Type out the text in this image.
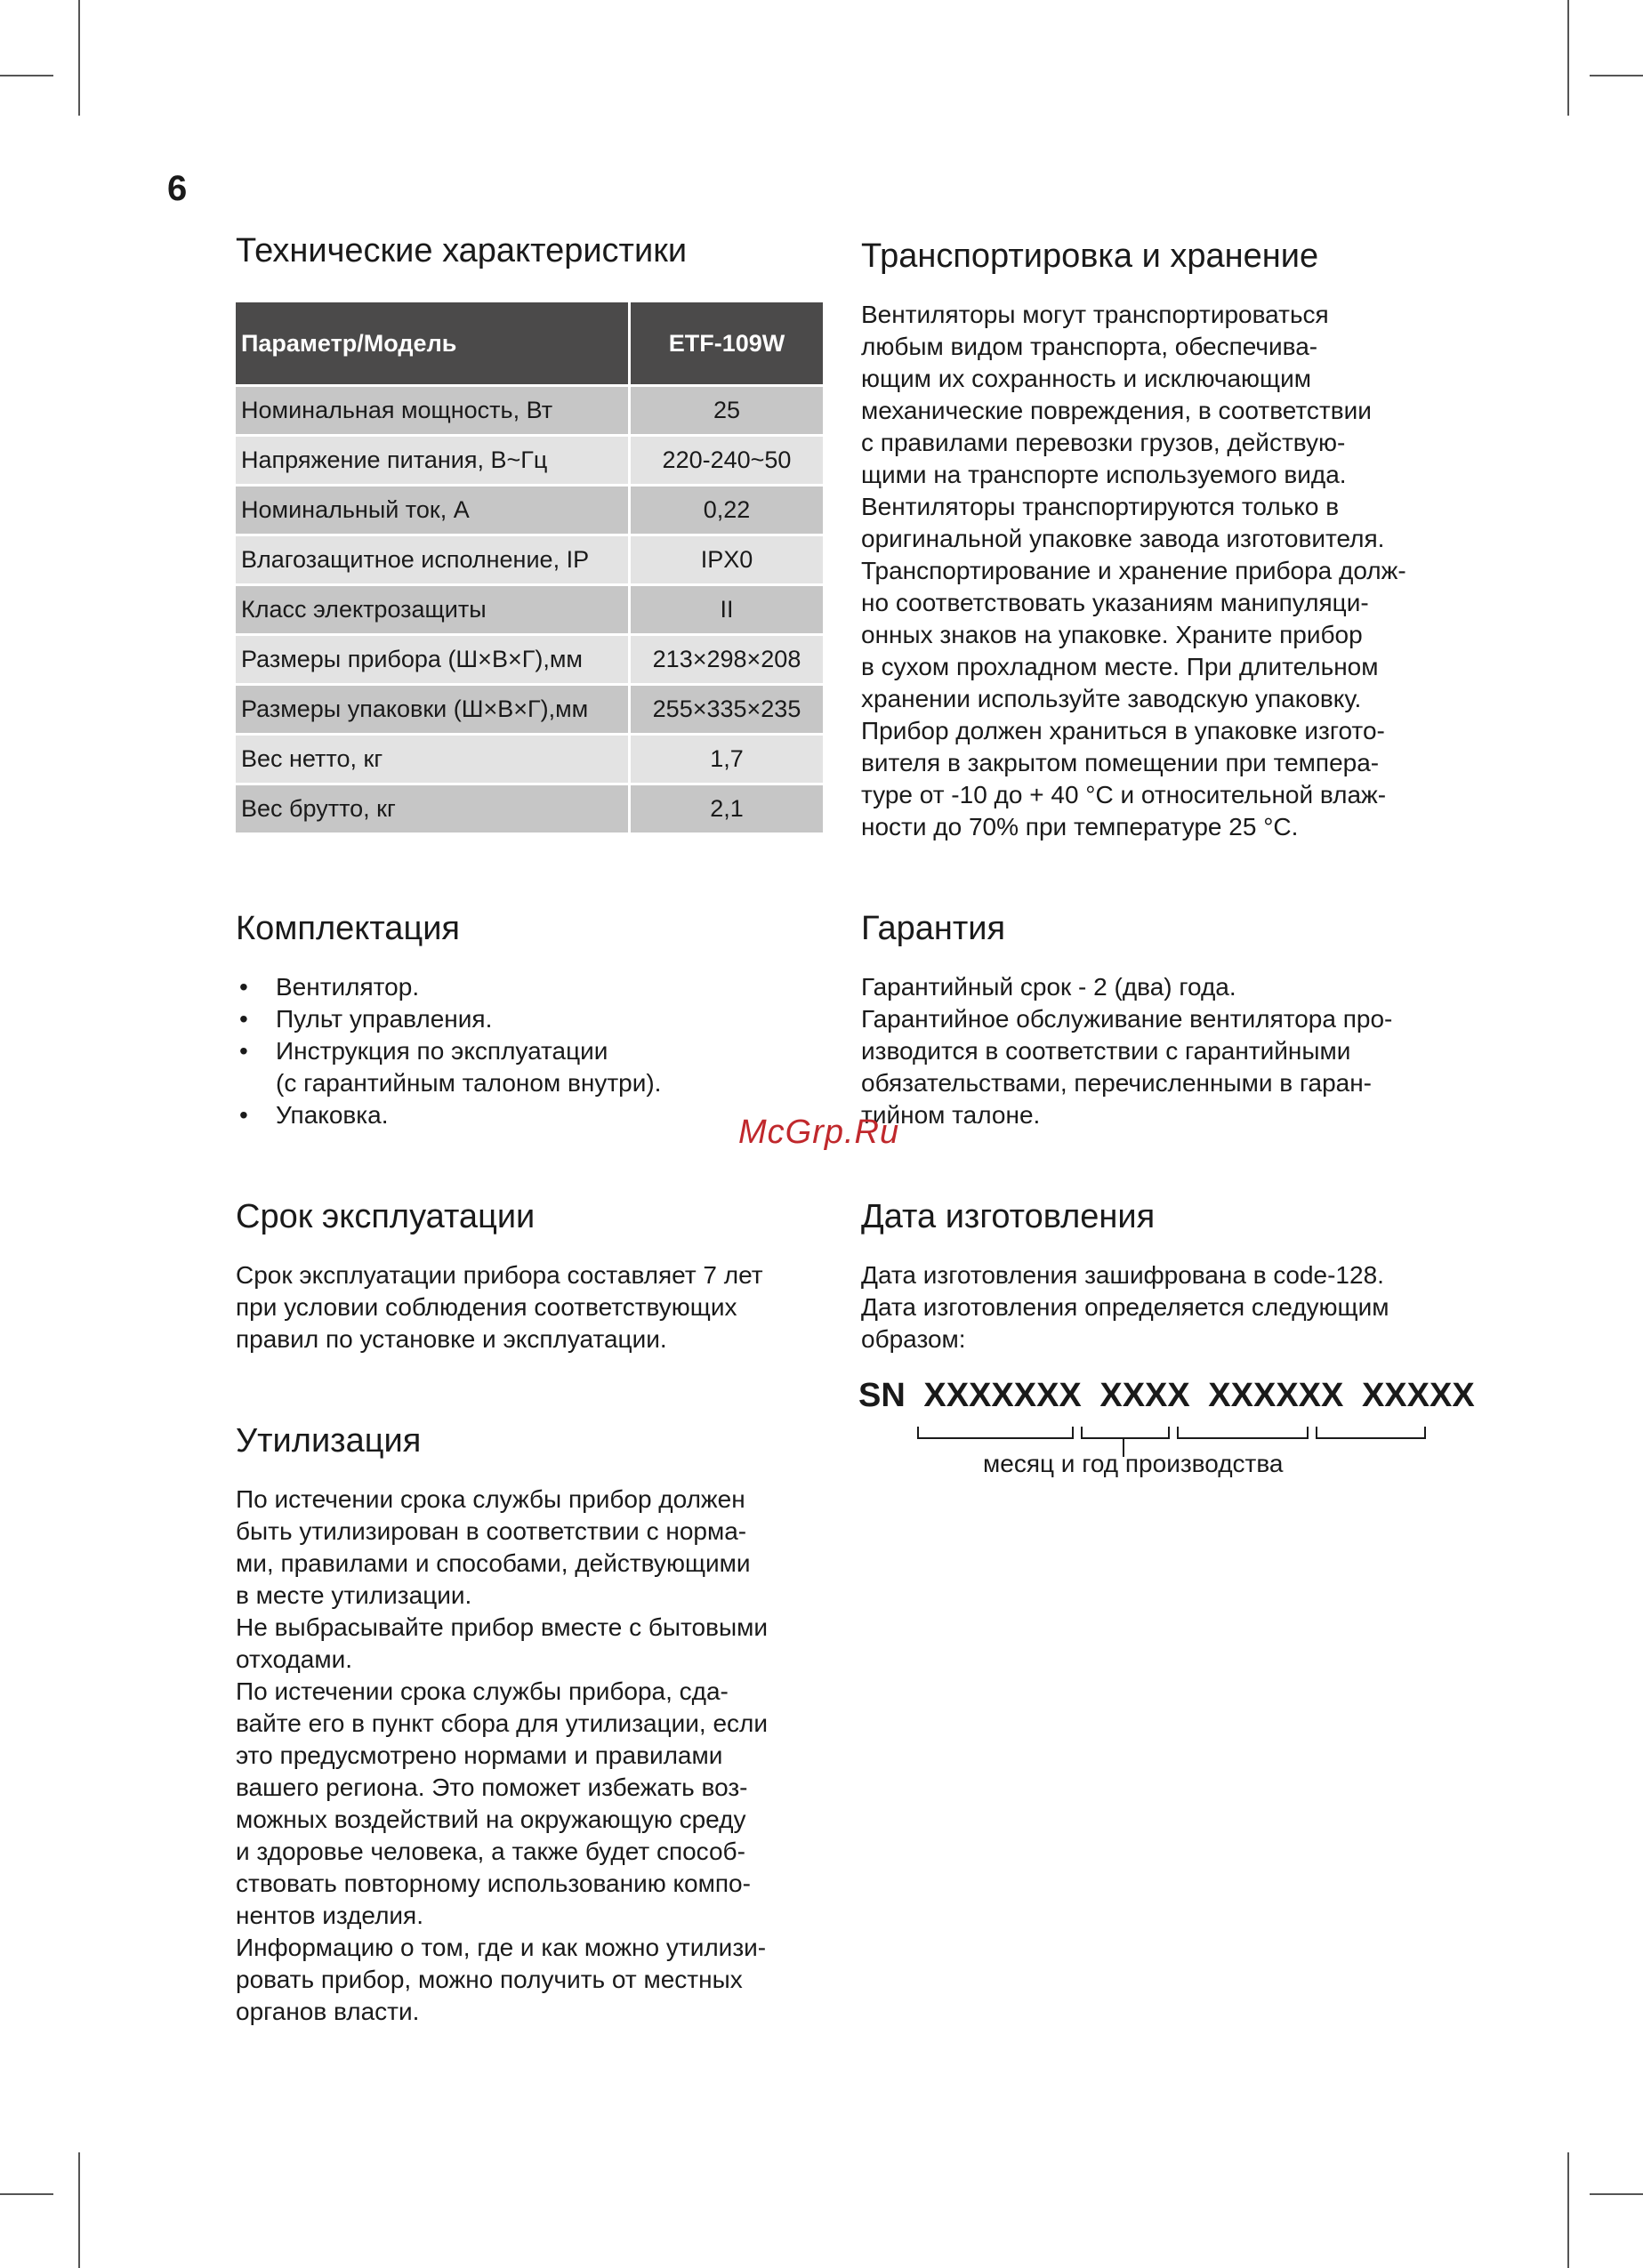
6
Технические характеристики
Параметр/Модель	ETF-109W
Номинальная мощность, Вт	25
Напряжение питания, В~Гц	220-240~50
Номинальный ток, А	0,22
Влагозащитное исполнение, IP	IPX0
Класс электрозащиты	II
Размеры прибора (Ш×В×Г),мм	213×298×208
Размеры упаковки (Ш×В×Г),мм	255×335×235
Вес нетто, кг	1,7
Вес брутто, кг	2,1
Транспортировка и хранение

Вентиляторы могут транспортироваться
любым видом транспорта, обеспечива-
ющим их сохранность и исключающим
механические повреждения, в соответствии
с правилами перевозки грузов, действую-
щими на транспорте используемого вида.
Вентиляторы транспортируются только в
оригинальной упаковке завода изготовителя.
Транспортирование и хранение прибора долж-
но соответствовать указаниям манипуляци-
онных знаков на упаковке. Храните прибор
в сухом прохладном месте. При длительном
хранении используйте заводскую упаковку.
Прибор должен храниться в упаковке изгото-
вителя в закрытом помещении при темпера-
туре от -10 до + 40 °С и относительной влаж-
ности до 70% при температуре 25 °С.

Комплектация
• Вентилятор.
• Пульт управления.
• Инструкция по эксплуатации
(с гарантийным талоном внутри).
• Упаковка.
Гарантия

Гарантийный срок - 2 (два) года.
Гарантийное обслуживание вентилятора про-
изводится в соответствии с гарантийными
обязательствами, перечисленными в гаран-
тийном талоне.

Срок эксплуатации

Срок эксплуатации прибора составляет 7 лет
при условии соблюдения соответствующих
правил по установке и эксплуатации.

Дата изготовления

Дата изготовления зашифрована в code-128.
Дата изготовления определяется следующим
образом:

SN XXXXXXX XXXX XXXXXX XXXXX
месяц и год производства
Утилизация

По истечении срока службы прибор должен
быть утилизирован в соответствии с норма-
ми, правилами и способами, действующими
в месте утилизации.
Не выбрасывайте прибор вместе с бытовыми
отходами.
По истечении срока службы прибора, сда-
вайте его в пункт сбора для утилизации, если
это предусмотрено нормами и правилами
вашего региона. Это поможет избежать воз-
можных воздействий на окружающую среду
и здоровье человека, а также будет способ-
ствовать повторному использованию компо-
нентов изделия.
Информацию о том, где и как можно утилизи-
ровать прибор, можно получить от местных
органов власти.

McGrp.Ru
